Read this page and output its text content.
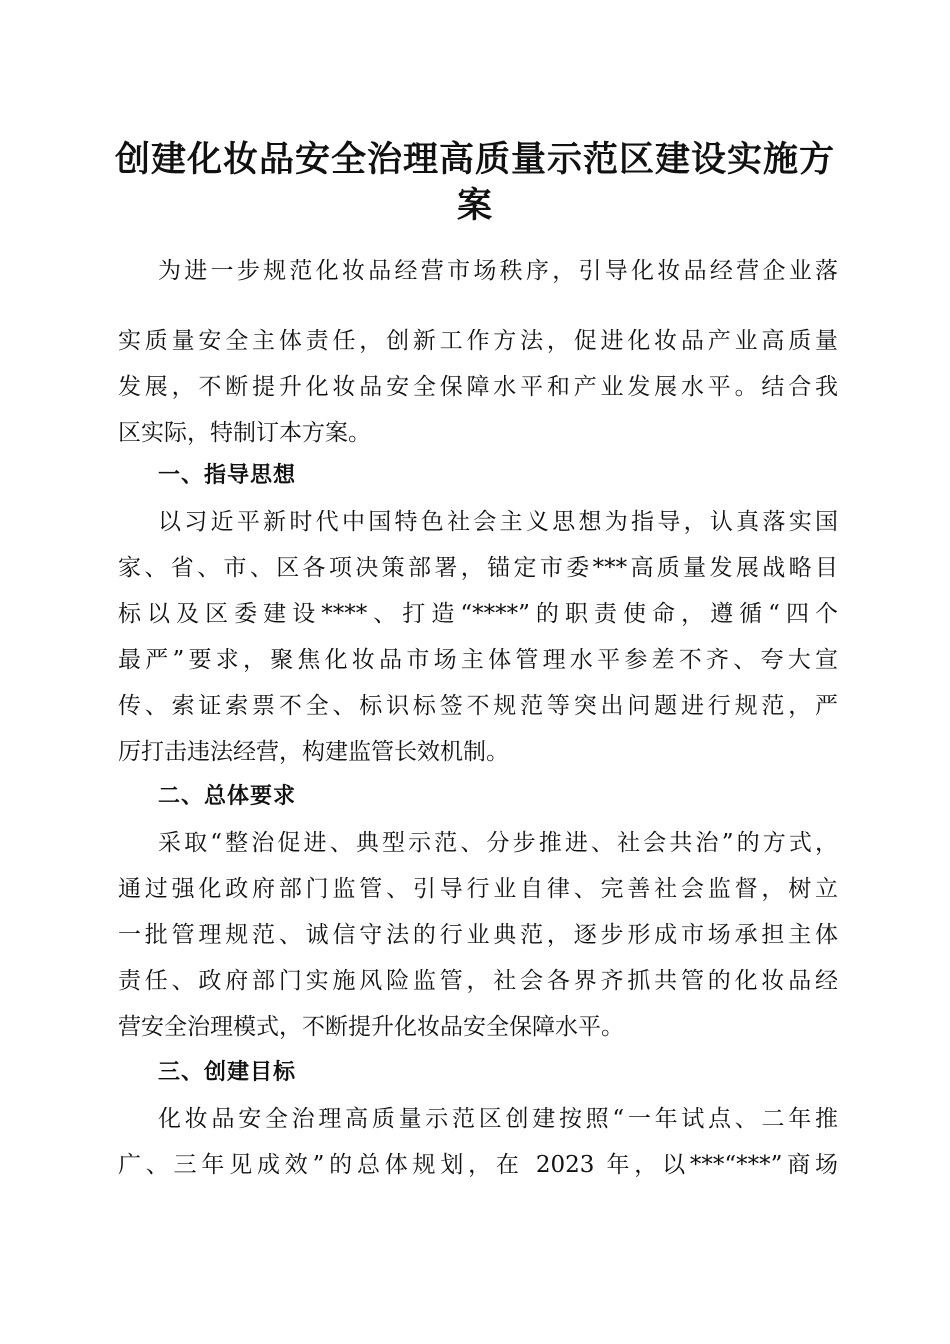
创建化妆品安全治理高质量示范区建设实施方
案

为进一步规范化妆品经营市场秩序，引导化妆品经营企业落

实质量安全主体责任，创新工作方法，促进化妆品产业高质量

发展，不断提升化妆品安全保障水平和产业发展水平。结合我

区实际，特制订本方案。

一、指导思想

以习近平新时代中国特色社会主义思想为指导，认真落实国

家、省、市、区各项决策部署，锚定市委***高质量发展战略目

标以及区委建设****、打造“****”的职责使命，遵循“四个

最严”要求，聚焦化妆品市场主体管理水平参差不齐、夸大宣

传、索证索票不全、标识标签不规范等突出问题进行规范，严

厉打击违法经营，构建监管长效机制。

二、总体要求

采取“整治促进、典型示范、分步推进、社会共治”的方式，

通过强化政府部门监管、引导行业自律、完善社会监督，树立

一批管理规范、诚信守法的行业典范，逐步形成市场承担主体

责任、政府部门实施风险监管，社会各界齐抓共管的化妆品经

营安全治理模式，不断提升化妆品安全保障水平。

三、创建目标

化妆品安全治理高质量示范区创建按照“一年试点、二年推

广、三年见成效”的总体规划，在 2023 年，以***“***”商场
